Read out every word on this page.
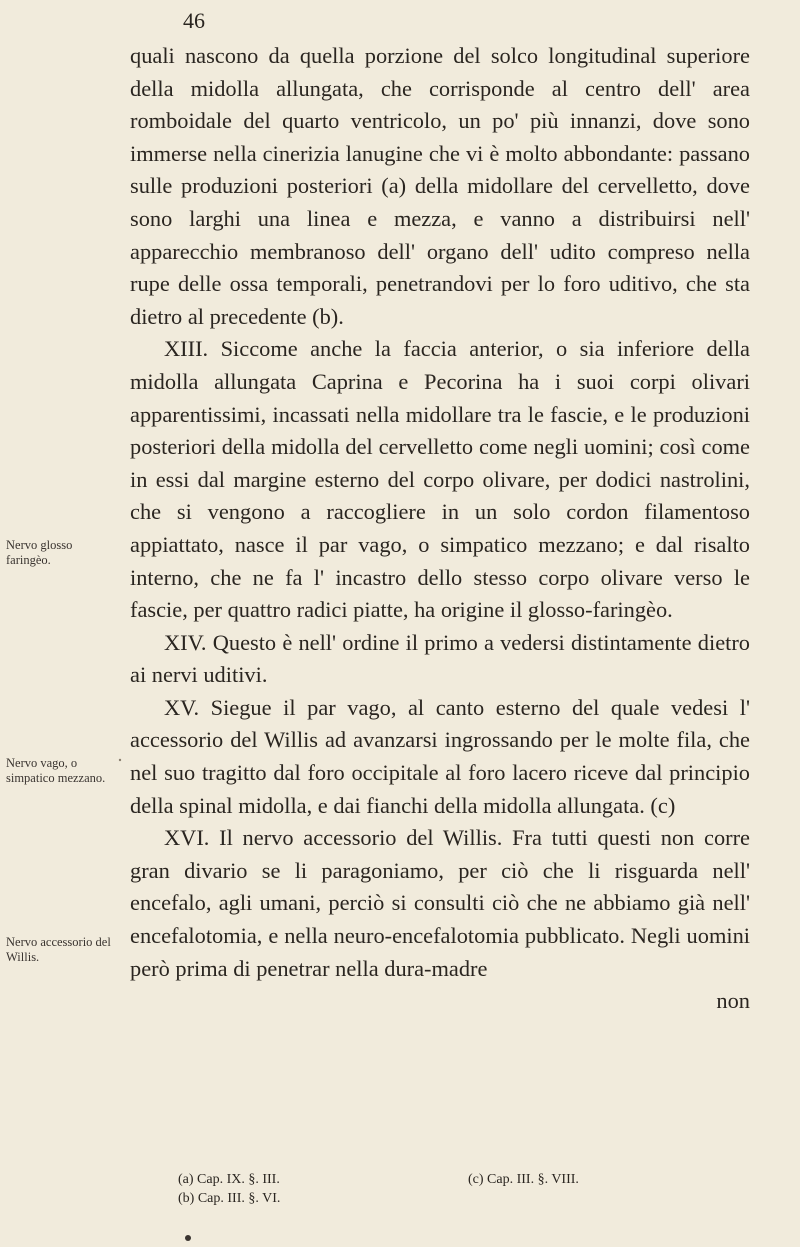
46

quali nascono da quella porzione del solco longitudinal superiore della midolla allungata, che corrisponde al centro dell' area romboidale del quarto ventricolo, un po' più innanzi, dove sono immerse nella cinerizia lanugine che vi è molto abbondante: passano sulle produzioni posteriori (a) della midollare del cervelletto, dove sono larghi una linea e mezza, e vanno a distribuirsi nell' apparecchio membranoso dell' organo dell' udito compreso nella rupe delle ossa temporali, penetrandovi per lo foro uditivo, che sta dietro al precedente (b).

XIII. Siccome anche la faccia anterior, o sia inferiore della midolla allungata Caprina e Pecorina ha i suoi corpi olivari apparentissimi, incassati nella midollare tra le fascie, e le produzioni posteriori della midolla del cervelletto come negli uomini; così come in essi dal margine esterno del corpo olivare, per dodici nastrolini, che si vengono a raccogliere in un solo cordon filamentoso appiattato, nasce il par vago, o simpatico mezzano; e dal risalto interno, che ne fa l' incastro dello stesso corpo olivare verso le fascie, per quattro radici piatte, ha origine il glosso-faringèo.

XIV. Questo è nell' ordine il primo a vedersi distintamente dietro ai nervi uditivi.

XV. Siegue il par vago, al canto esterno del quale vedesi l' accessorio del Willis ad avanzarsi ingrossando per le molte fila, che nel suo tragitto dal foro occipitale al foro lacero riceve dal principio della spinal midolla, e dai fianchi della midolla allungata. (c)

XVI. Il nervo accessorio del Willis. Fra tutti questi non corre gran divario se li paragoniamo, per ciò che li risguarda nell' encefalo, agli umani, perciò si consulti ciò che ne abbiamo già nell' encefalotomia, e nella neuro-encefalotomia pubblicato. Negli uomini però prima di penetrar nella dura-madre

non

Nervo glosso faringèo.
Nervo vago, o simpatico mezzano.
Nervo accessorio del Willis.
(a) Cap. IX. §. III.
(b) Cap. III. §. VI.
(c) Cap. III. §. VIII.
